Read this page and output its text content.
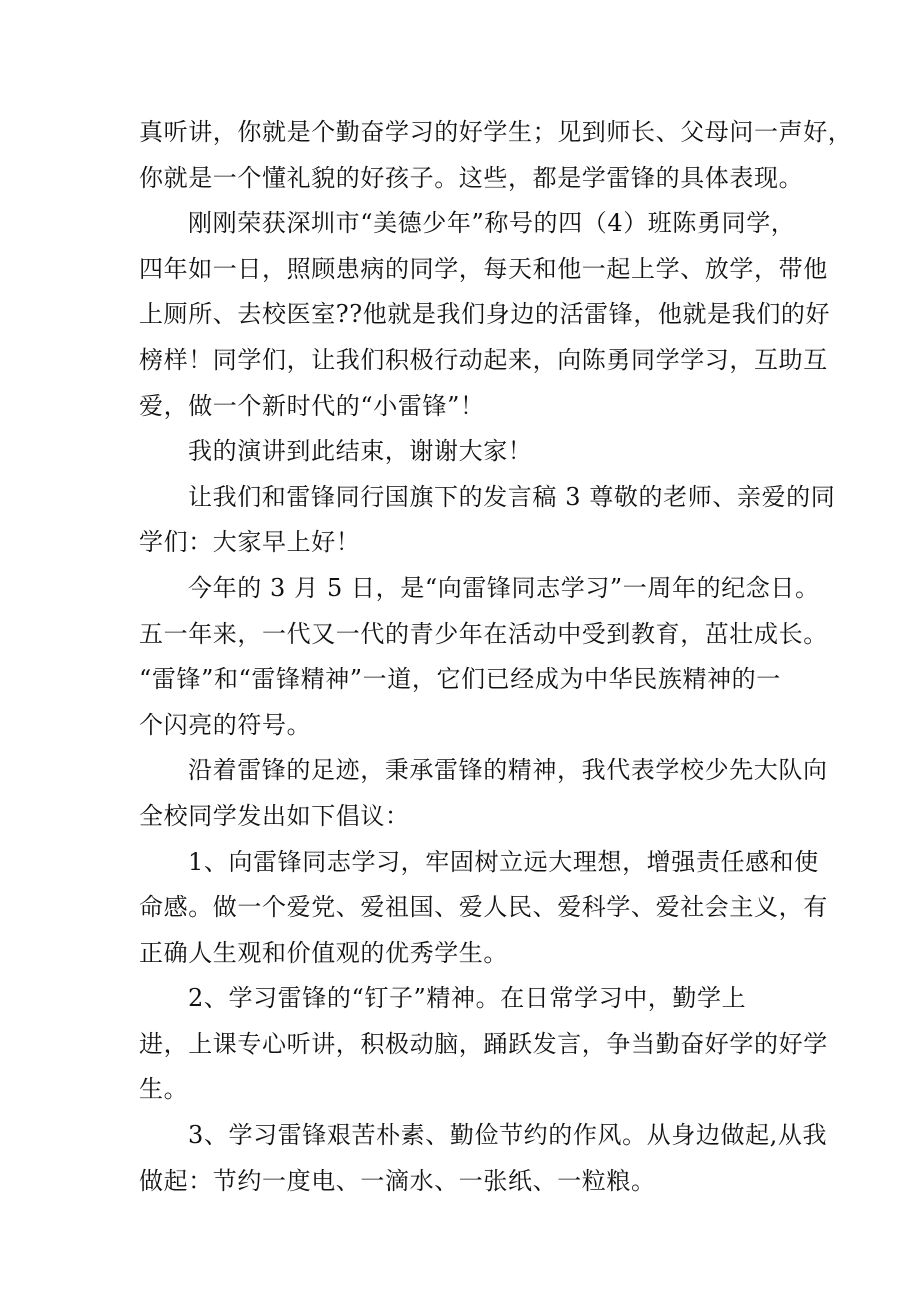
真听讲，你就是个勤奋学习的好学生；见到师长、父母问一声好，
你就是一个懂礼貌的好孩子。这些，都是学雷锋的具体表现。
刚刚荣获深圳市“美德少年”称号的四（4）班陈勇同学，
四年如一日，照顾患病的同学，每天和他一起上学、放学，带他
上厕所、去校医室??他就是我们身边的活雷锋，他就是我们的好
榜样！同学们，让我们积极行动起来，向陈勇同学学习，互助互
爱，做一个新时代的“小雷锋”！
我的演讲到此结束，谢谢大家！
让我们和雷锋同行国旗下的发言稿 3 尊敬的老师、亲爱的同
学们：大家早上好！
今年的 3 月 5 日，是“向雷锋同志学习”一周年的纪念日。
五一年来，一代又一代的青少年在活动中受到教育，茁壮成长。
“雷锋”和“雷锋精神”一道，它们已经成为中华民族精神的一
个闪亮的符号。
沿着雷锋的足迹，秉承雷锋的精神，我代表学校少先大队向
全校同学发出如下倡议：
1、向雷锋同志学习，牢固树立远大理想，增强责任感和使
命感。做一个爱党、爱祖国、爱人民、爱科学、爱社会主义，有
正确人生观和价值观的优秀学生。
2、学习雷锋的“钉子”精神。在日常学习中，勤学上
进，上课专心听讲，积极动脑，踊跃发言，争当勤奋好学的好学
生。
3、学习雷锋艰苦朴素、勤俭节约的作风。从身边做起,从我
做起：节约一度电、一滴水、一张纸、一粒粮。
